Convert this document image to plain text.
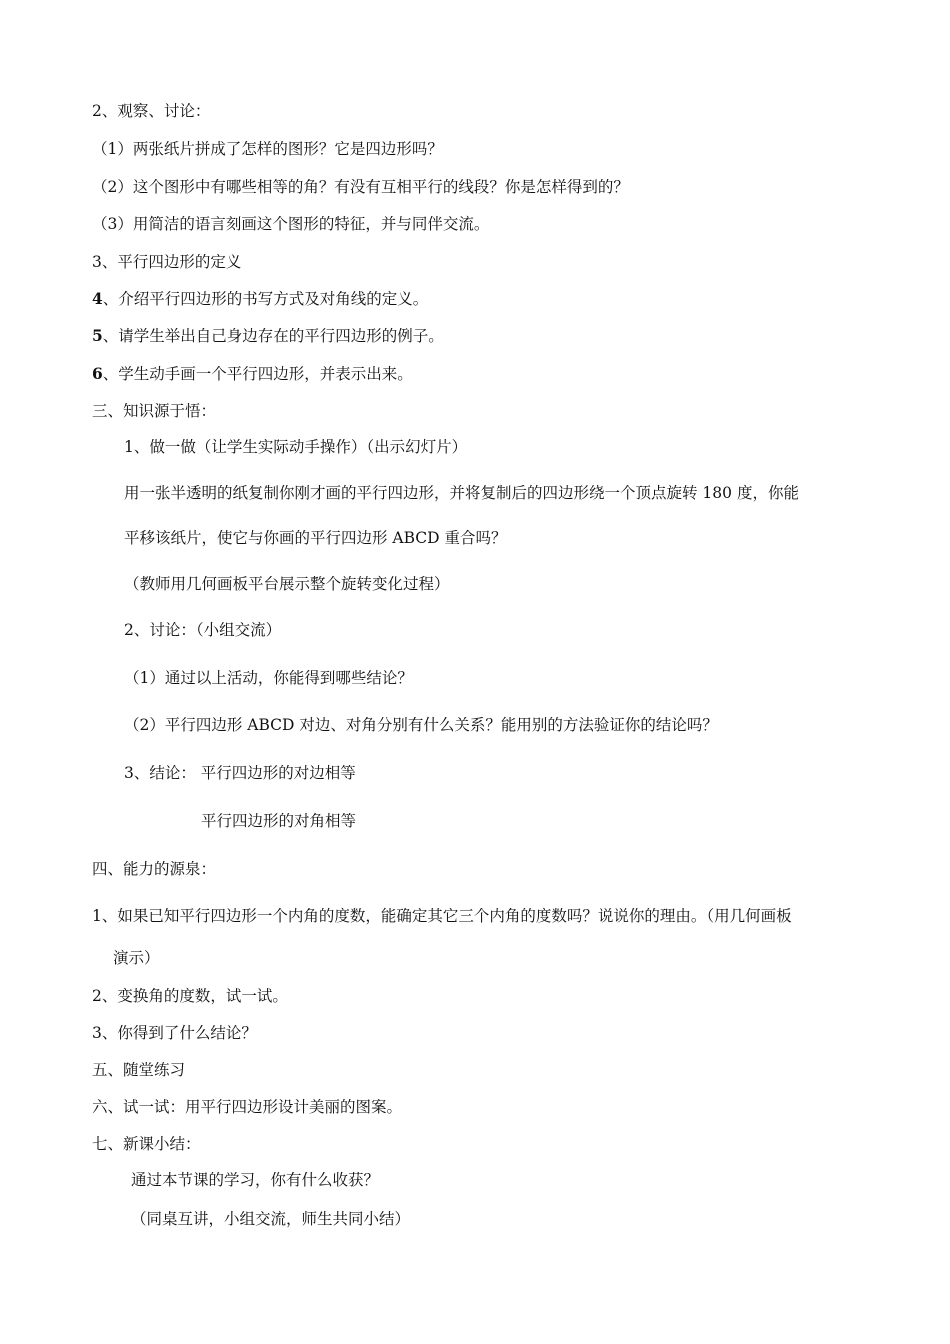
2、观察、讨论：
（1）两张纸片拼成了怎样的图形？它是四边形吗？
（2）这个图形中有哪些相等的角？有没有互相平行的线段？你是怎样得到的？
（3）用简洁的语言刻画这个图形的特征，并与同伴交流。
3、平行四边形的定义
4、介绍平行四边形的书写方式及对角线的定义。
5、请学生举出自己身边存在的平行四边形的例子。
6、学生动手画一个平行四边形，并表示出来。
三、知识源于悟：
1、做一做（让学生实际动手操作）（出示幻灯片）
用一张半透明的纸复制你刚才画的平行四边形，并将复制后的四边形绕一个顶点旋转 180 度，你能
平移该纸片，使它与你画的平行四边形 ABCD 重合吗？
（教师用几何画板平台展示整个旋转变化过程）
2、讨论：（小组交流）
（1）通过以上活动，你能得到哪些结论？
（2）平行四边形 ABCD 对边、对角分别有什么关系？能用别的方法验证你的结论吗？
3、结论： 平行四边形的对边相等
平行四边形的对角相等
四、能力的源泉：
1、如果已知平行四边形一个内角的度数，能确定其它三个内角的度数吗？说说你的理由。（用几何画板
演示）
2、变换角的度数，试一试。
3、你得到了什么结论？
五、随堂练习
六、试一试：用平行四边形设计美丽的图案。
七、新课小结：
通过本节课的学习，你有什么收获？
（同桌互讲，小组交流，师生共同小结）
